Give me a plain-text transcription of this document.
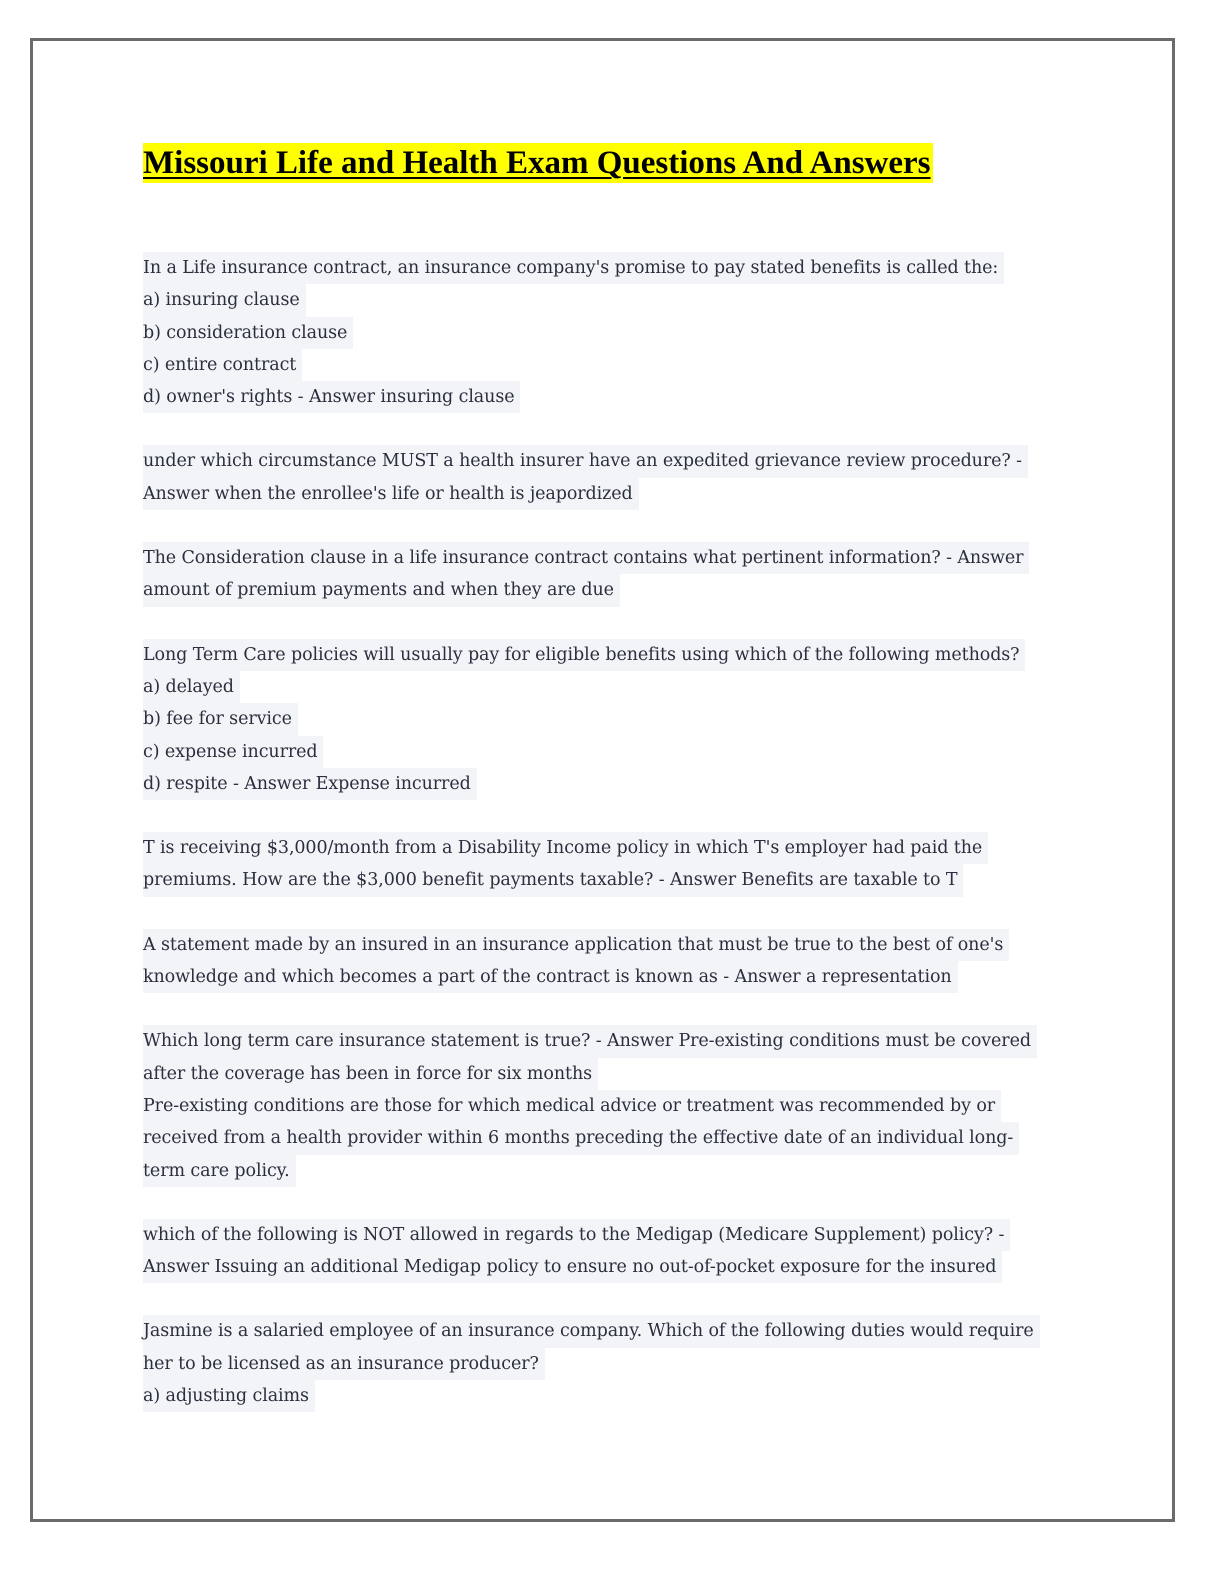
Missouri Life and Health Exam Questions And Answers
In a Life insurance contract, an insurance company's promise to pay stated benefits is called the:
a) insuring clause
b) consideration clause
c) entire contract
d) owner's rights - Answer insuring clause
under which circumstance MUST a health insurer have an expedited grievance review procedure? -
Answer when the enrollee's life or health is jeapordized
The Consideration clause in a life insurance contract contains what pertinent information? - Answer
amount of premium payments and when they are due
Long Term Care policies will usually pay for eligible benefits using which of the following methods?
a) delayed
b) fee for service
c) expense incurred
d) respite - Answer Expense incurred
T is receiving $3,000/month from a Disability Income policy in which T's employer had paid the
premiums. How are the $3,000 benefit payments taxable? - Answer Benefits are taxable to T
A statement made by an insured in an insurance application that must be true to the best of one's
knowledge and which becomes a part of the contract is known as - Answer a representation
Which long term care insurance statement is true? - Answer Pre-existing conditions must be covered
after the coverage has been in force for six months
Pre-existing conditions are those for which medical advice or treatment was recommended by or
received from a health provider within 6 months preceding the effective date of an individual long-
term care policy.
which of the following is NOT allowed in regards to the Medigap (Medicare Supplement) policy? -
Answer Issuing an additional Medigap policy to ensure no out-of-pocket exposure for the insured
Jasmine is a salaried employee of an insurance company. Which of the following duties would require
her to be licensed as an insurance producer?
a) adjusting claims
